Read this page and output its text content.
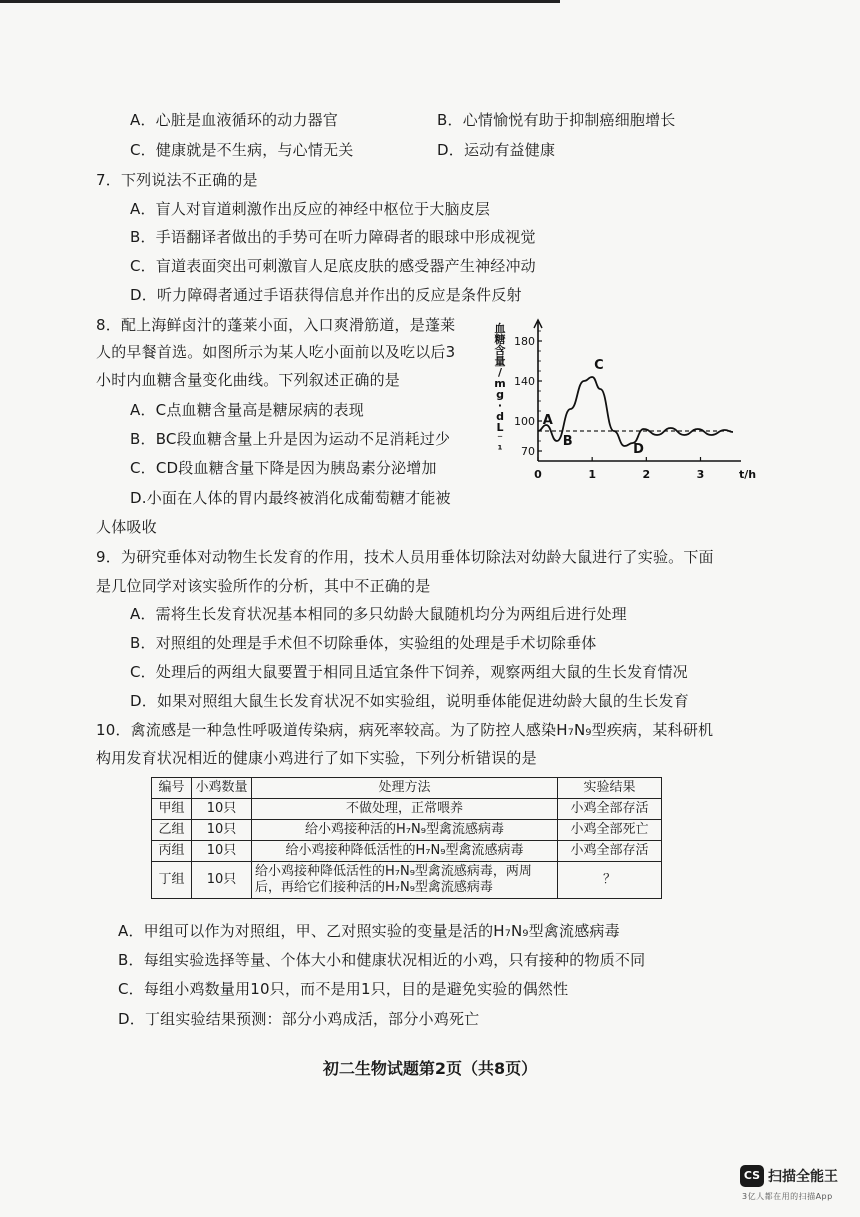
A．心脏是血液循环的动力器官	B．心情愉悦有助于抑制癌细胞增长
C．健康就是不生病，与心情无关	D．运动有益健康
7．下列说法不正确的是
A．盲人对盲道刺激作出反应的神经中枢位于大脑皮层
B．手语翻译者做出的手势可在听力障碍者的眼球中形成视觉
C．盲道表面突出可刺激盲人足底皮肤的感受器产生神经冲动
D．听力障碍者通过手语获得信息并作出的反应是条件反射
8．配上海鲜卤汁的蓬莱小面，入口爽滑筋道，是蓬莱
人的早餐首选。如图所示为某人吃小面前以及吃以后3
小时内血糖含量变化曲线。下列叙述正确的是
A．C点血糖含量高是糖尿病的表现
B．BC段血糖含量上升是因为运动不足消耗过少
C．CD段血糖含量下降是因为胰岛素分泌增加
D.小面在人体的胃内最终被消化成葡萄糖才能被
人体吸收
t/h
血
糖
含
量
/
m
g
·
d
L
⁻
¹ 70
100
140
180
0	1	2	3
A
B
C
D
9．为研究垂体对动物生长发育的作用，技术人员用垂体切除法对幼龄大鼠进行了实验。下面
是几位同学对该实验所作的分析，其中不正确的是
A．需将生长发育状况基本相同的多只幼龄大鼠随机均分为两组后进行处理
B．对照组的处理是手术但不切除垂体，实验组的处理是手术切除垂体
C．处理后的两组大鼠要置于相同且适宜条件下饲养，观察两组大鼠的生长发育情况
D．如果对照组大鼠生长发育状况不如实验组，说明垂体能促进幼龄大鼠的生长发育
10．禽流感是一种急性呼吸道传染病，病死率较高。为了防控人感染H₇N₉型疾病，某科研机
构用发育状况相近的健康小鸡进行了如下实验，下列分析错误的是
编号	小鸡数量	处理方法	实验结果
甲组	10只	不做处理，正常喂养	小鸡全部存活
乙组	10只	给小鸡接种活的H₇N₉型禽流感病毒	小鸡全部死亡
丙组	10只	给小鸡接种降低活性的H₇N₉型禽流感病毒	小鸡全部存活
丁组	10只	给小鸡接种降低活性的H₇N₉型禽流感病毒，两周后，再给它们接种活的H₇N₉型禽流感病毒	？
A．甲组可以作为对照组，甲、乙对照实验的变量是活的H₇N₉型禽流感病毒
B．每组实验选择等量、个体大小和健康状况相近的小鸡，只有接种的物质不同
C．每组小鸡数量用10只，而不是用1只，目的是避免实验的偶然性
D．丁组实验结果预测：部分小鸡成活，部分小鸡死亡
初二生物试题第2页（共8页）
CS 扫描全能王
3亿人都在用的扫描App
